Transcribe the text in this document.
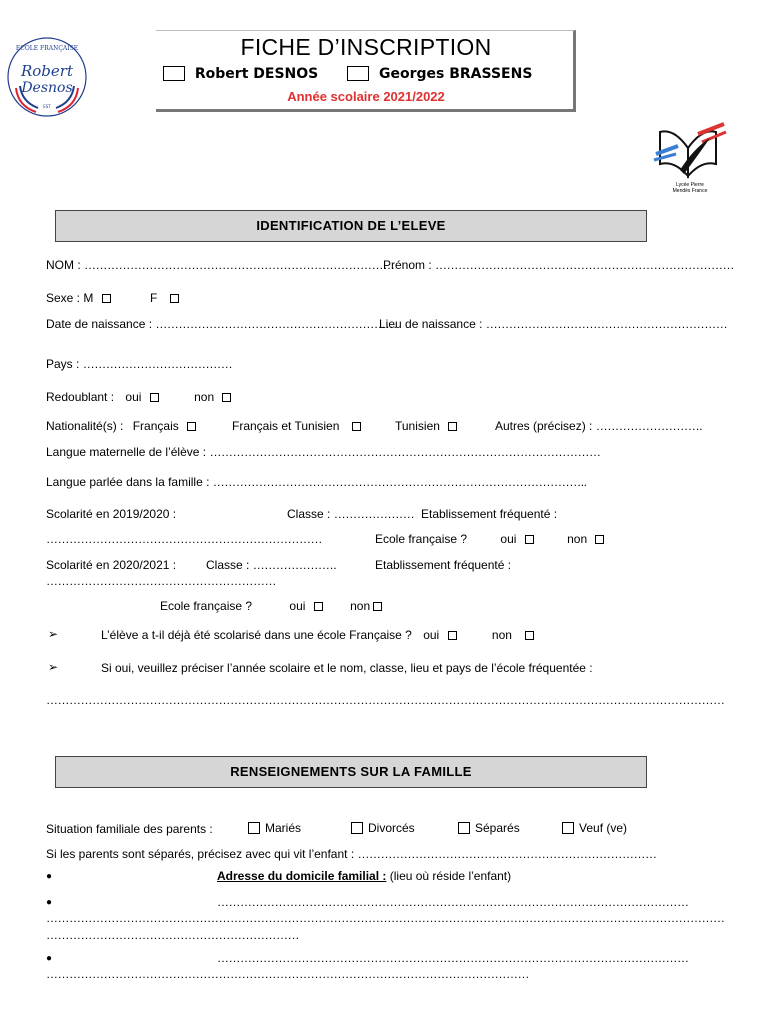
ECOLE FRANÇAISE
Robert
Desnos
EST
Lycée Pierre
Mendès France
FICHE D’INSCRIPTION
Robert DESNOS	Georges BRASSENS
Année scolaire 2021/2022
IDENTIFICATION DE L’ELEVE
NOM : ………………………………………………………………………
Prénom : ……………………………………………………………………
Sexe : M	F
Date de naissance : ………………………………………………………
Lieu de naissance : ………………………………………………………
Pays : …………………………………
Redoublant : oui	non
Nationalité(s) : Français	Français et Tunisien	Tunisien	Autres (précisez) : ……………………….
Langue maternelle de l’élève : …………………………………………………………………………………………
Langue parlée dans la famille : ……………………………………………………………………………………..
Scolarité en 2019/2020 :	Classe : ………………… Etablissement fréquenté :
………………………………………………………………	Ecole française ?	oui	non
Scolarité en 2020/2021 : Classe : ………………….	Etablissement fréquenté :
……………………………………………………
Ecole française ?	oui	non
➢	L’élève a t-il déjà été scolarisé dans une école Française ? oui	non
➢	Si oui, veuillez préciser l’année scolaire et le nom, classe, lieu et pays de l’école fréquentée :
……………………………………………………………………………………………………………………………………………………………
RENSEIGNEMENTS SUR LA FAMILLE
Situation familiale des parents :	Mariés	Divorcés	Séparés	Veuf (ve)
Si les parents sont séparés, précisez avec qui vit l’enfant : ……………………………………………………………………
●	Adresse du domicile familial : (lieu où réside l’enfant)
●	……………………………………………………………………………………………………………
……………………………………………………………………………………………………………………………………………………………
…………………………………………………………
●	……………………………………………………………………………………………………………
………………………………………………………………………………………………………………
